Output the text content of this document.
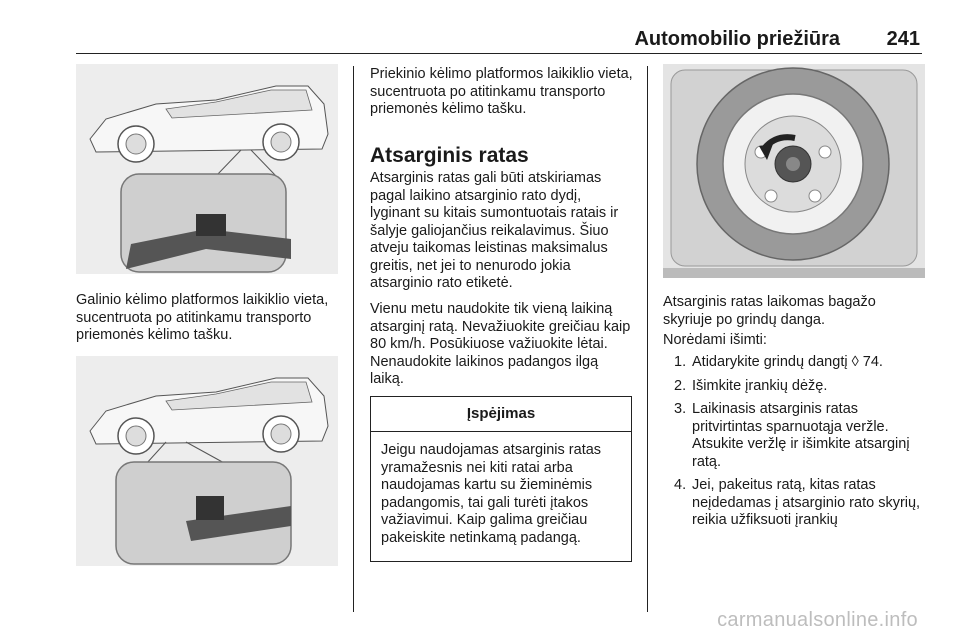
Automobilio priežiūra 241

Galinio kėlimo platformos laikiklio vieta, sucentruota po atitinkamu transporto priemonės kėlimo tašku.

Priekinio kėlimo platformos laikiklio vieta, sucentruota po atitinkamu transporto priemonės kėlimo tašku.

Atsarginis ratas

Atsarginis ratas gali būti atskiriamas pagal laikino atsarginio rato dydį, lyginant su kitais sumontuotais ratais ir šalyje galiojančius reikalavimus. Šiuo atveju taikomas leistinas maksimalus greitis, net jei to nenurodo jokia atsarginio rato etiketė.

Vienu metu naudokite tik vieną laikiną atsarginį ratą. Nevažiuokite greičiau kaip 80 km/h. Posūkiuose važiuokite lėtai. Nenaudokite laikinos padangos ilgą laiką.

Įspėjimas
Jeigu naudojamas atsarginis ratas yramažesnis nei kiti ratai arba naudojamas kartu su žieminėmis padangomis, tai gali turėti įtakos važiavimui. Kaip galima greičiau pakeiskite netinkamą padangą.

Atsarginis ratas laikomas bagažo skyriuje po grindų danga.

Norėdami išimti:

1. Atidarykite grindų dangtį ◊ 74.
2. Išimkite įrankių dėžę.
3. Laikinasis atsarginis ratas pritvirtintas sparnuotąja veržle. Atsukite veržlę ir išimkite atsarginį ratą.
4. Jei, pakeitus ratą, kitas ratas neįdedamas į atsarginio rato skyrių, reikia užfiksuoti įrankių
carmanualsonline.info
